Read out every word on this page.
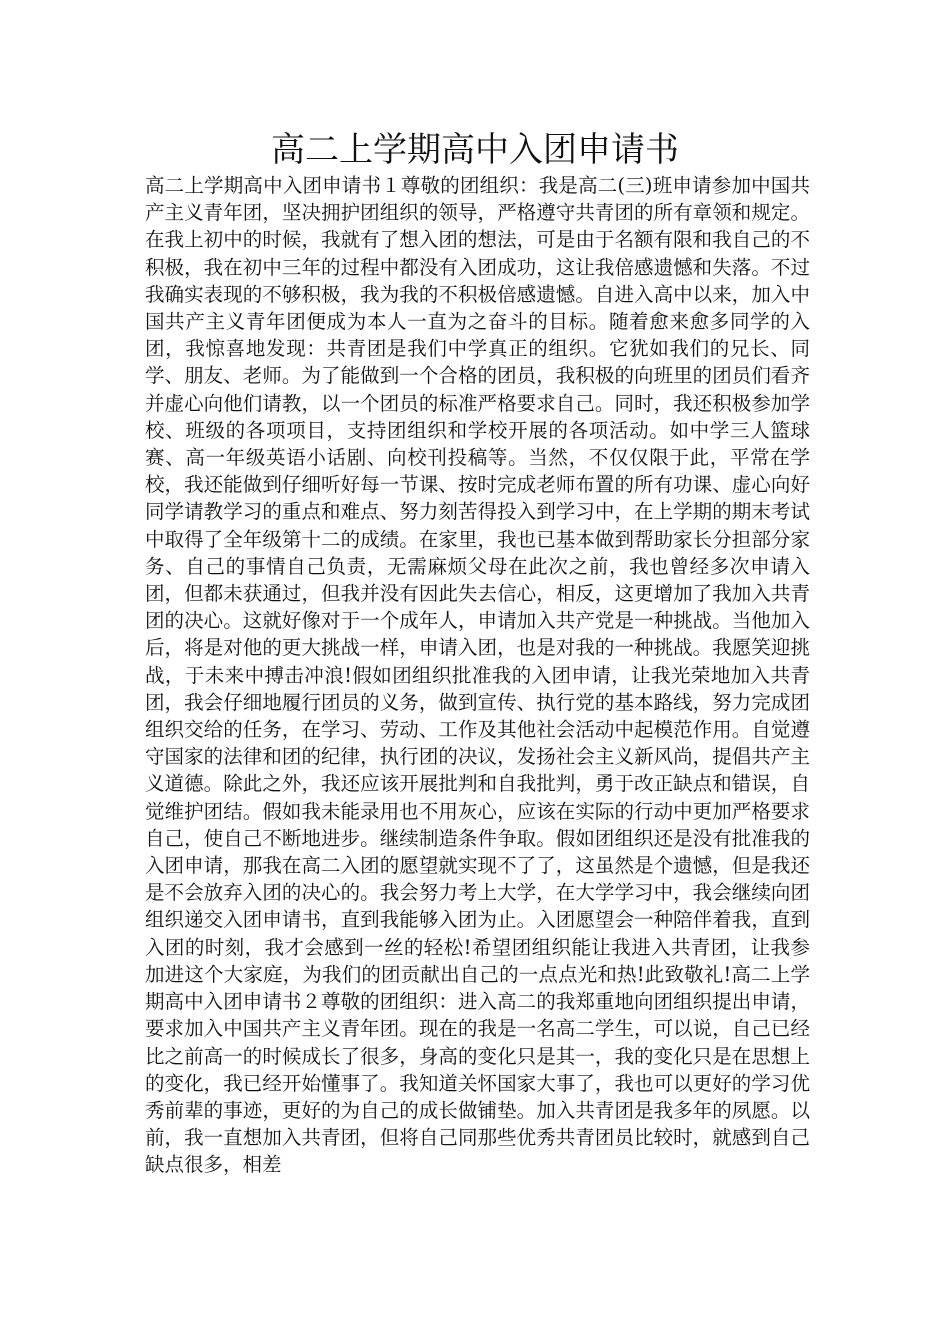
高二上学期高中入团申请书

高二上学期高中入团申请书１尊敬的团组织：我是高二(三)班申请参加中国共产主义青年团，坚决拥护团组织的领导，严格遵守共青团的所有章领和规定。在我上初中的时候，我就有了想入团的想法，可是由于名额有限和我自己的不积极，我在初中三年的过程中都没有入团成功，这让我倍感遗憾和失落。不过我确实表现的不够积极，我为我的不积极倍感遗憾。自进入高中以来，加入中国共产主义青年团便成为本人一直为之奋斗的目标。随着愈来愈多同学的入团，我惊喜地发现：共青团是我们中学真正的组织。它犹如我们的兄长、同学、朋友、老师。为了能做到一个合格的团员，我积极的向班里的团员们看齐并虚心向他们请教，以一个团员的标准严格要求自己。同时，我还积极参加学校、班级的各项项目，支持团组织和学校开展的各项活动。如中学三人篮球赛、高一年级英语小话剧、向校刊投稿等。当然，不仅仅限于此，平常在学校，我还能做到仔细听好每一节课、按时完成老师布置的所有功课、虚心向好同学请教学习的重点和难点、努力刻苦得投入到学习中，在上学期的期末考试中取得了全年级第十二的成绩。在家里，我也已基本做到帮助家长分担部分家务、自己的事情自己负责，无需麻烦父母在此次之前，我也曾经多次申请入团，但都未获通过，但我并没有因此失去信心，相反，这更增加了我加入共青团的决心。这就好像对于一个成年人，申请加入共产党是一种挑战。当他加入后，将是对他的更大挑战一样，申请入团，也是对我的一种挑战。我愿笑迎挑战，于未来中搏击冲浪!假如团组织批准我的入团申请，让我光荣地加入共青团，我会仔细地履行团员的义务，做到宣传、执行党的基本路线，努力完成团组织交给的任务，在学习、劳动、工作及其他社会活动中起模范作用。自觉遵守国家的法律和团的纪律，执行团的决议，发扬社会主义新风尚，提倡共产主义道德。除此之外，我还应该开展批判和自我批判，勇于改正缺点和错误，自觉维护团结。假如我未能录用也不用灰心，应该在实际的行动中更加严格要求自己，使自己不断地进步。继续制造条件争取。假如团组织还是没有批准我的入团申请，那我在高二入团的愿望就实现不了了，这虽然是个遗憾，但是我还是不会放弃入团的决心的。我会努力考上大学，在大学学习中，我会继续向团组织递交入团申请书，直到我能够入团为止。入团愿望会一种陪伴着我，直到入团的时刻，我才会感到一丝的轻松!希望团组织能让我进入共青团，让我参加进这个大家庭，为我们的团贡献出自己的一点点光和热!此致敬礼!高二上学期高中入团申请书２尊敬的团组织：进入高二的我郑重地向团组织提出申请，要求加入中国共产主义青年团。现在的我是一名高二学生，可以说，自己已经比之前高一的时候成长了很多，身高的变化只是其一，我的变化只是在思想上的变化，我已经开始懂事了。我知道关怀国家大事了，我也可以更好的学习优秀前辈的事迹，更好的为自己的成长做铺垫。加入共青团是我多年的夙愿。以前，我一直想加入共青团，但将自己同那些优秀共青团员比较时，就感到自己缺点很多，相差
